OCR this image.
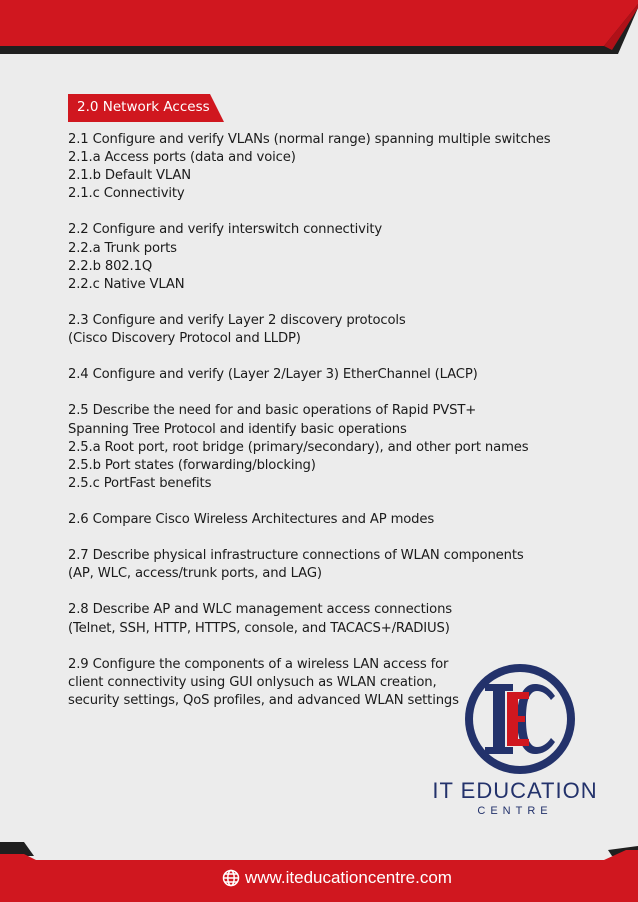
2.0 Network Access
2.1 Configure and verify VLANs (normal range) spanning multiple switches
2.1.a Access ports (data and voice)
2.1.b Default VLAN
2.1.c Connectivity
2.2 Configure and verify interswitch connectivity
2.2.a Trunk ports
2.2.b 802.1Q
2.2.c Native VLAN
2.3 Configure and verify Layer 2 discovery protocols
(Cisco Discovery Protocol and LLDP)
2.4 Configure and verify (Layer 2/Layer 3) EtherChannel (LACP)
2.5 Describe the need for and basic operations of Rapid PVST+
Spanning Tree Protocol and identify basic operations
2.5.a Root port, root bridge (primary/secondary), and other port names
2.5.b Port states (forwarding/blocking)
2.5.c PortFast benefits
2.6 Compare Cisco Wireless Architectures and AP modes
2.7 Describe physical infrastructure connections of WLAN components
(AP, WLC, access/trunk ports, and LAG)
2.8 Describe AP and WLC management access connections
(Telnet, SSH, HTTP, HTTPS, console, and TACACS+/RADIUS)
2.9 Configure the components of a wireless LAN access for
client connectivity using GUI onlysuch as WLAN creation,
security settings, QoS profiles, and advanced WLAN settings
IT EDUCATION
CENTRE
www.iteducationcentre.com
